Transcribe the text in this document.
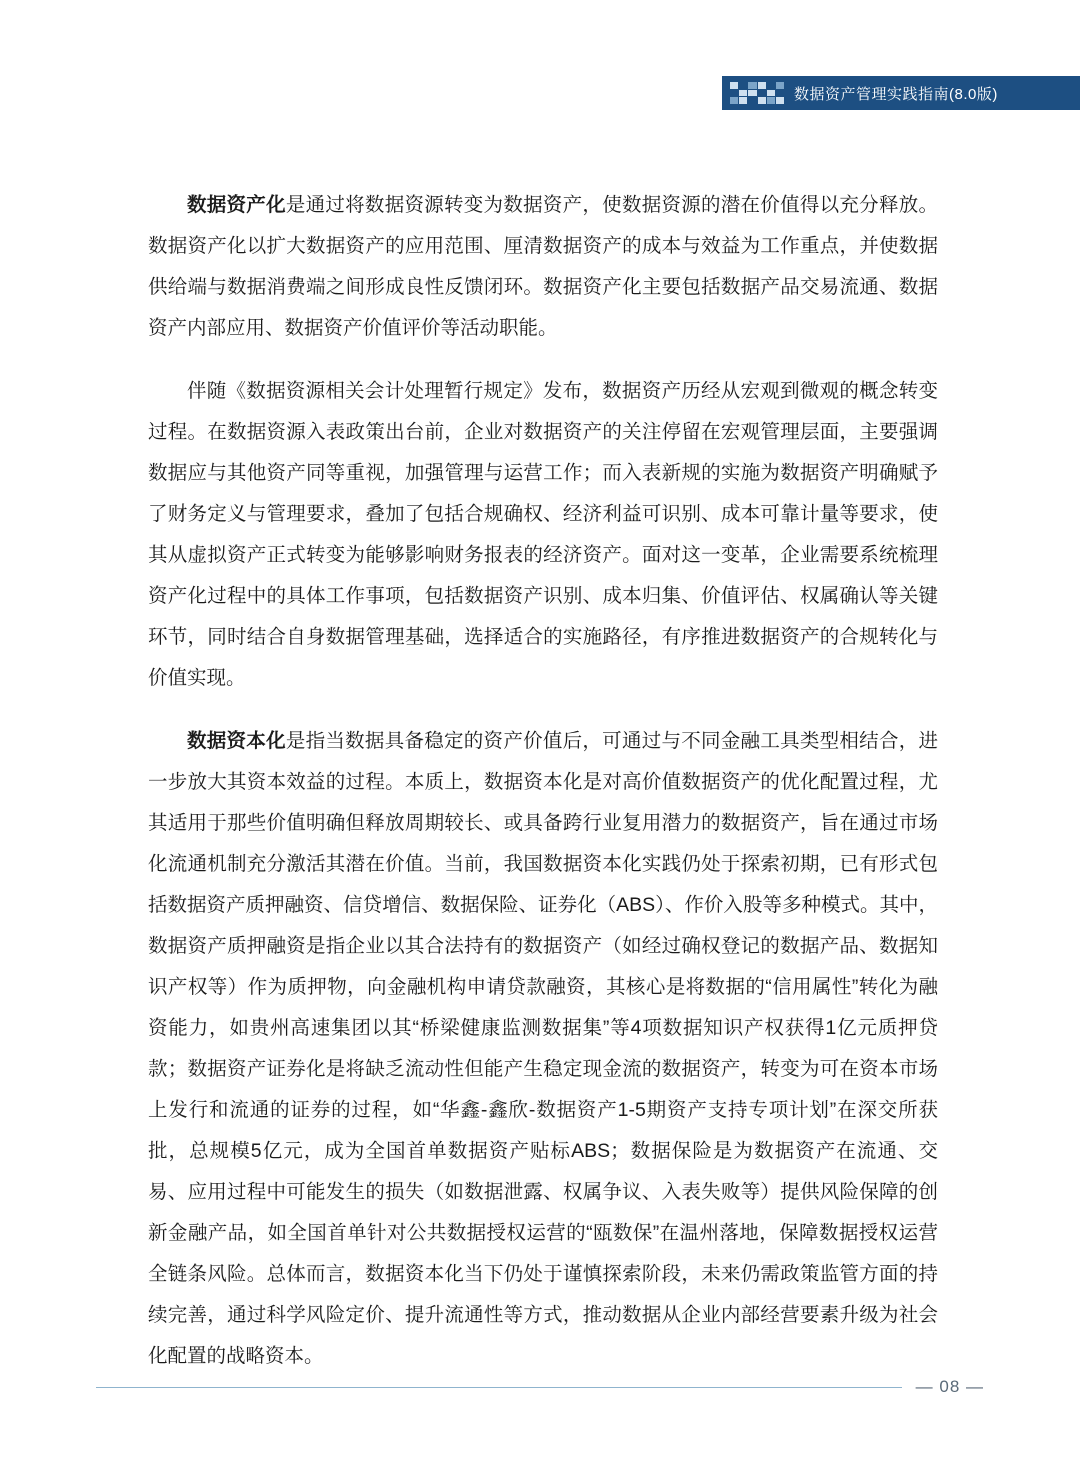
数据资产管理实践指南(8.0版)

数据资产化是通过将数据资源转变为数据资产，使数据资源的潜在价值得以充分释放。数据资产化以扩大数据资产的应用范围、厘清数据资产的成本与效益为工作重点，并使数据供给端与数据消费端之间形成良性反馈闭环。数据资产化主要包括数据产品交易流通、数据资产内部应用、数据资产价值评价等活动职能。

伴随《数据资源相关会计处理暂行规定》发布，数据资产历经从宏观到微观的概念转变过程。在数据资源入表政策出台前，企业对数据资产的关注停留在宏观管理层面，主要强调数据应与其他资产同等重视，加强管理与运营工作；而入表新规的实施为数据资产明确赋予了财务定义与管理要求，叠加了包括合规确权、经济利益可识别、成本可靠计量等要求，使其从虚拟资产正式转变为能够影响财务报表的经济资产。面对这一变革，企业需要系统梳理资产化过程中的具体工作事项，包括数据资产识别、成本归集、价值评估、权属确认等关键环节，同时结合自身数据管理基础，选择适合的实施路径，有序推进数据资产的合规转化与价值实现。

数据资本化是指当数据具备稳定的资产价值后，可通过与不同金融工具类型相结合，进一步放大其资本效益的过程。本质上，数据资本化是对高价值数据资产的优化配置过程，尤其适用于那些价值明确但释放周期较长、或具备跨行业复用潜力的数据资产，旨在通过市场化流通机制充分激活其潜在价值。当前，我国数据资本化实践仍处于探索初期，已有形式包括数据资产质押融资、信贷增信、数据保险、证券化（ABS）、作价入股等多种模式。其中，数据资产质押融资是指企业以其合法持有的数据资产（如经过确权登记的数据产品、数据知识产权等）作为质押物，向金融机构申请贷款融资，其核心是将数据的“信用属性”转化为融资能力，如贵州高速集团以其“桥梁健康监测数据集”等4项数据知识产权获得1亿元质押贷款；数据资产证券化是将缺乏流动性但能产生稳定现金流的数据资产，转变为可在资本市场上发行和流通的证券的过程，如“华鑫-鑫欣-数据资产1-5期资产支持专项计划”在深交所获批，总规模5亿元，成为全国首单数据资产贴标ABS；数据保险是为数据资产在流通、交易、应用过程中可能发生的损失（如数据泄露、权属争议、入表失败等）提供风险保障的创新金融产品，如全国首单针对公共数据授权运营的“瓯数保”在温州落地，保障数据授权运营全链条风险。总体而言，数据资本化当下仍处于谨慎探索阶段，未来仍需政策监管方面的持续完善，通过科学风险定价、提升流通性等方式，推动数据从企业内部经营要素升级为社会化配置的战略资本。

— 08 —
